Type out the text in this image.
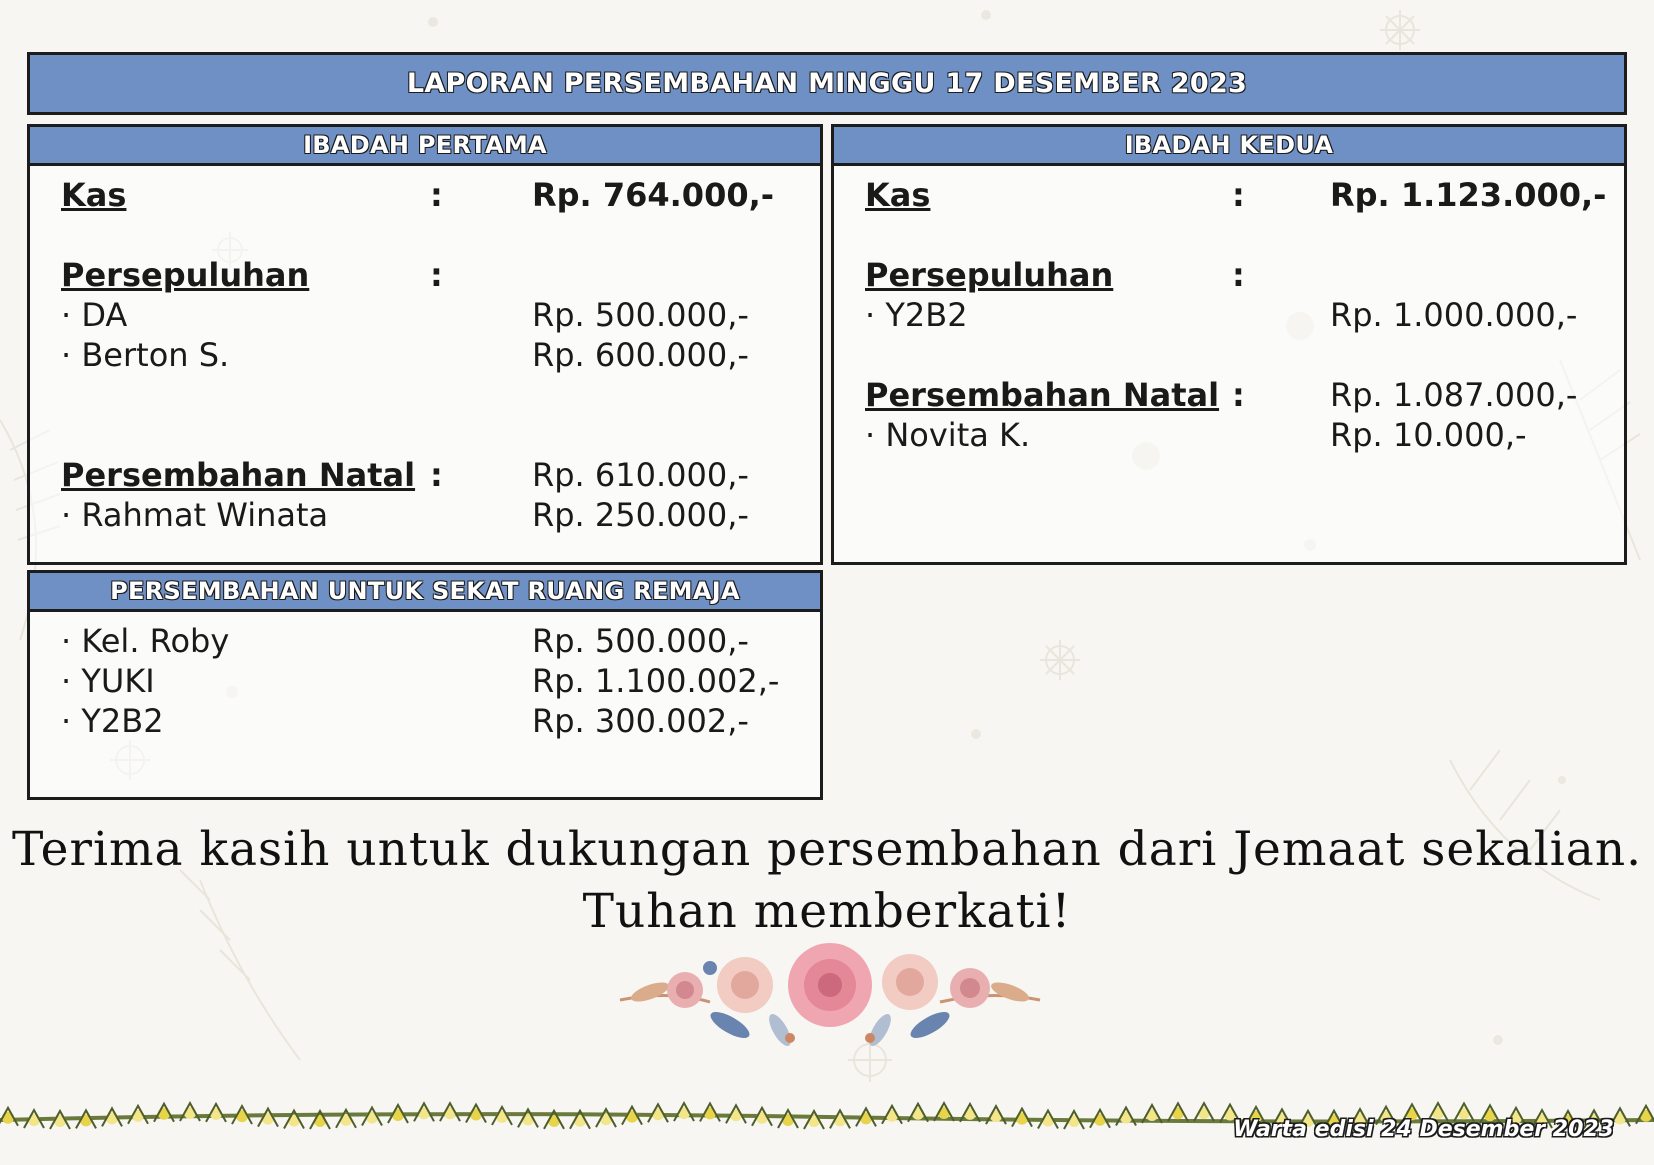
LAPORAN PERSEMBAHAN MINGGU 17 DESEMBER 2023
IBADAH PERTAMA
Kas	:	Rp. 764.000,-
Persepuluhan	:
· DA	Rp. 500.000,-
· Berton S.	Rp. 600.000,-
Persembahan Natal :	Rp. 610.000,-
· Rahmat Winata	Rp. 250.000,-
IBADAH KEDUA
Kas	:	Rp. 1.123.000,-
Persepuluhan	:
· Y2B2	Rp. 1.000.000,-
Persembahan Natal :	Rp. 1.087.000,-
· Novita K.	Rp. 10.000,-
PERSEMBAHAN UNTUK SEKAT RUANG REMAJA
· Kel. Roby	Rp. 500.000,-
· YUKI	Rp. 1.100.002,-
· Y2B2	Rp. 300.002,-
Terima kasih untuk dukungan persembahan dari Jemaat sekalian.
Tuhan memberkati!
Warta edisi 24 Desember 2023
